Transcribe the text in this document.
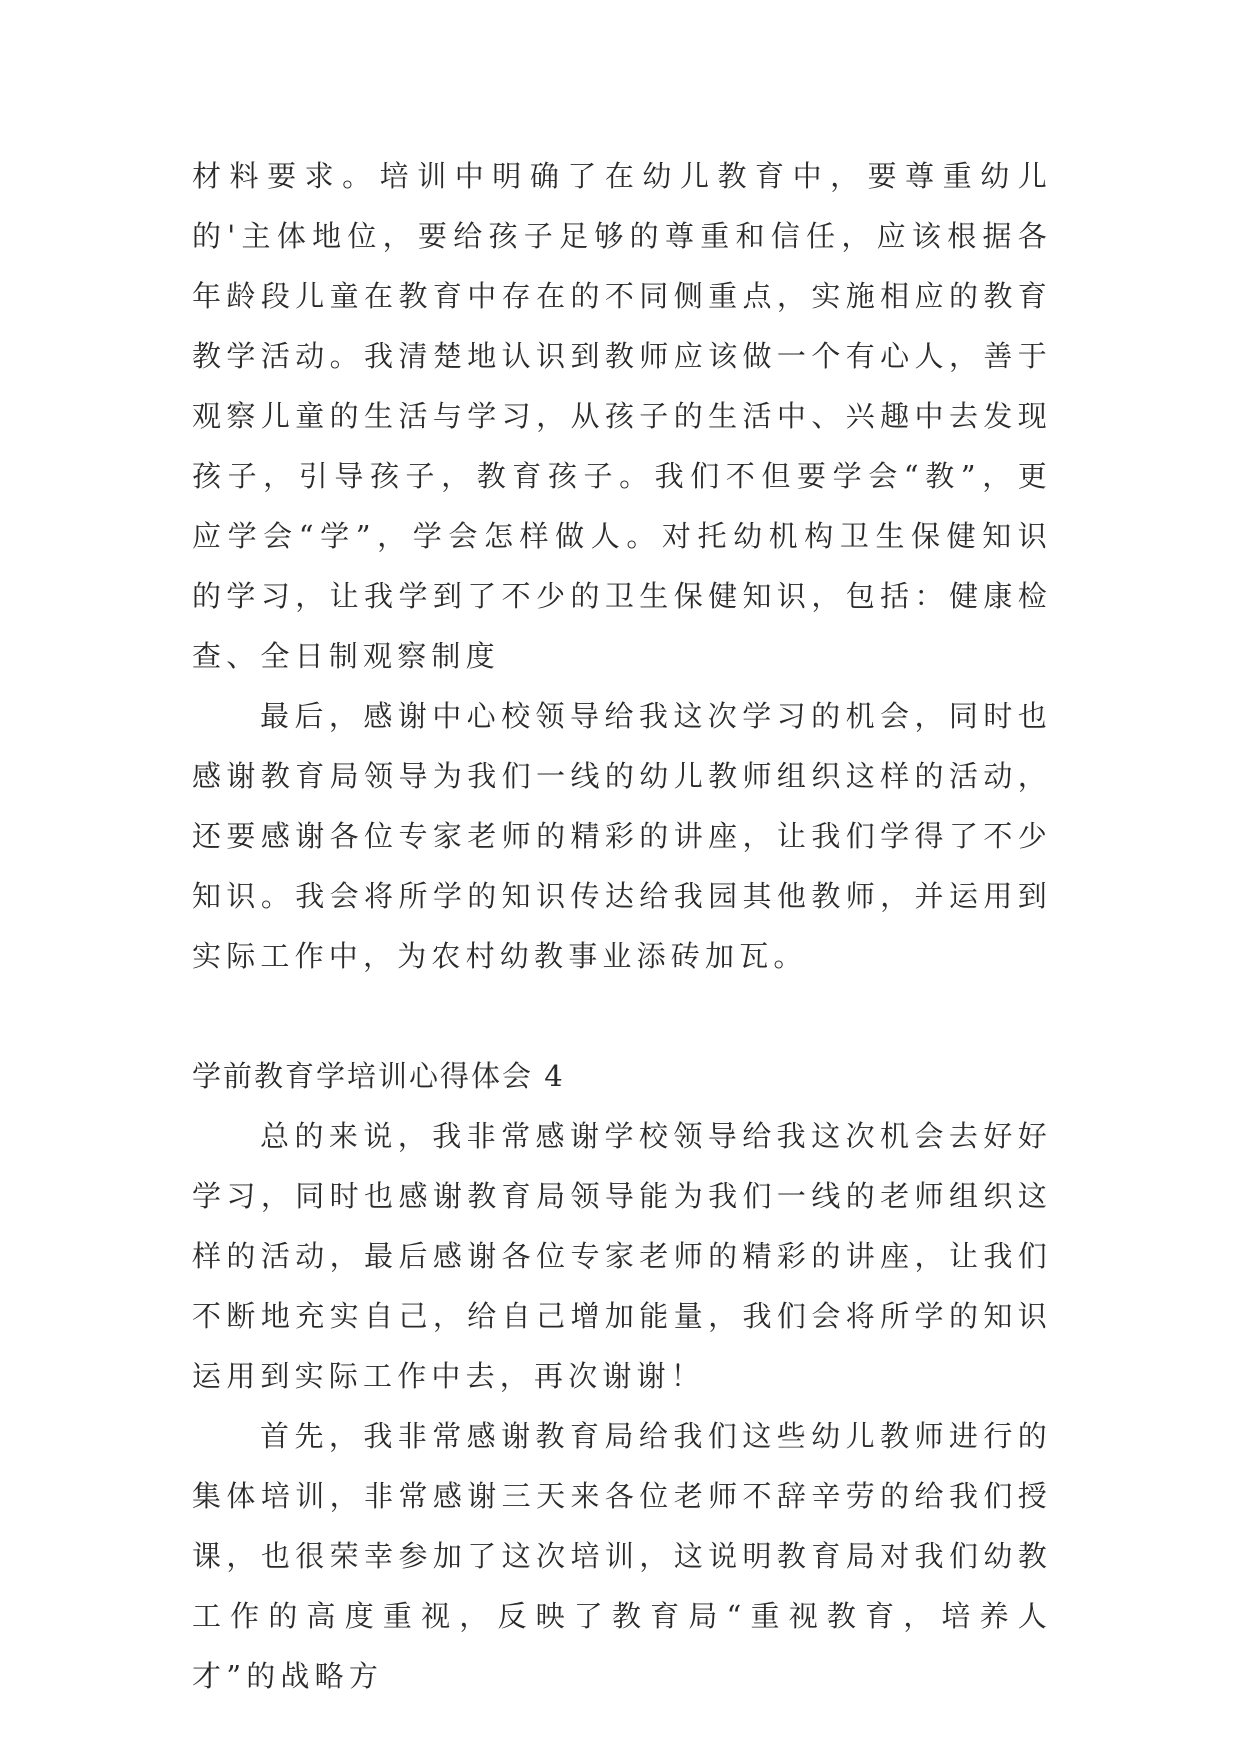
材料要求。培训中明确了在幼儿教育中，要尊重幼儿的'主体地位，要给孩子足够的尊重和信任，应该根据各年龄段儿童在教育中存在的不同侧重点，实施相应的教育教学活动。我清楚地认识到教师应该做一个有心人，善于观察儿童的生活与学习，从孩子的生活中、兴趣中去发现孩子，引导孩子，教育孩子。我们不但要学会“教”，更应学会“学”，学会怎样做人。对托幼机构卫生保健知识的学习，让我学到了不少的卫生保健知识，包括：健康检查、全日制观察制度

最后，感谢中心校领导给我这次学习的机会，同时也感谢教育局领导为我们一线的幼儿教师组织这样的活动，还要感谢各位专家老师的精彩的讲座，让我们学得了不少知识。我会将所学的知识传达给我园其他教师，并运用到实际工作中，为农村幼教事业添砖加瓦。

学前教育学培训心得体会 4

总的来说，我非常感谢学校领导给我这次机会去好好学习，同时也感谢教育局领导能为我们一线的老师组织这样的活动，最后感谢各位专家老师的精彩的讲座，让我们不断地充实自己，给自己增加能量，我们会将所学的知识运用到实际工作中去，再次谢谢！

首先，我非常感谢教育局给我们这些幼儿教师进行的集体培训，非常感谢三天来各位老师不辞辛劳的给我们授课，也很荣幸参加了这次培训，这说明教育局对我们幼教工作的高度重视，反映了教育局“重视教育，培养人才”的战略方
